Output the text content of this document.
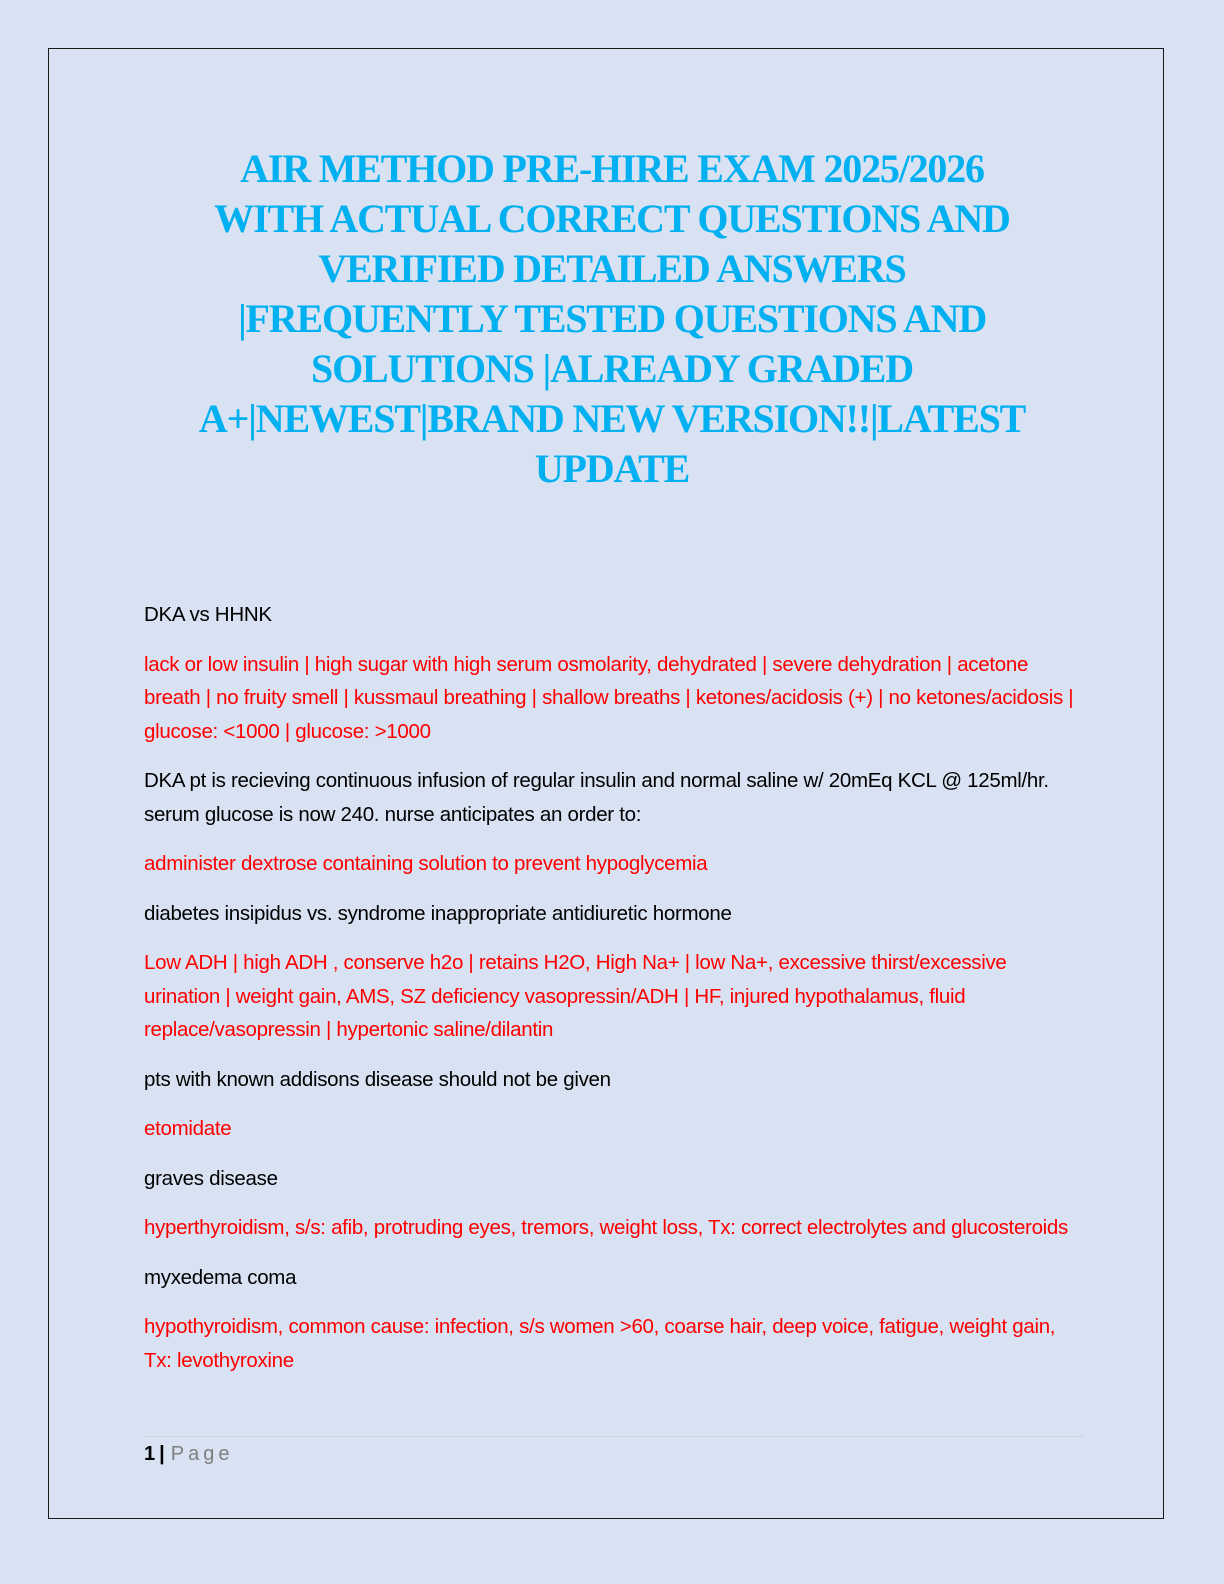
AIR METHOD PRE-HIRE EXAM 2025/2026
WITH ACTUAL CORRECT QUESTIONS AND
VERIFIED DETAILED ANSWERS
|FREQUENTLY TESTED QUESTIONS AND
SOLUTIONS |ALREADY GRADED
A+|NEWEST|BRAND NEW VERSION!!|LATEST
UPDATE

DKA vs HHNK

lack or low insulin | high sugar with high serum osmolarity, dehydrated | severe dehydration | acetone breath | no fruity smell | kussmaul breathing | shallow breaths | ketones/acidosis (+) | no ketones/acidosis | glucose: <1000 | glucose: >1000

DKA pt is recieving continuous infusion of regular insulin and normal saline w/ 20mEq KCL @ 125ml/hr. serum glucose is now 240. nurse anticipates an order to:

administer dextrose containing solution to prevent hypoglycemia

diabetes insipidus vs. syndrome inappropriate antidiuretic hormone

Low ADH | high ADH , conserve h2o | retains H2O, High Na+ | low Na+, excessive thirst/excessive urination | weight gain, AMS, SZ deficiency vasopressin/ADH | HF, injured hypothalamus, fluid replace/vasopressin | hypertonic saline/dilantin

pts with known addisons disease should not be given

etomidate

graves disease

hyperthyroidism, s/s: afib, protruding eyes, tremors, weight loss, Tx: correct electrolytes and glucosteroids

myxedema coma

hypothyroidism, common cause: infection, s/s women >60, coarse hair, deep voice, fatigue, weight gain, Tx: levothyroxine

1 | Page
